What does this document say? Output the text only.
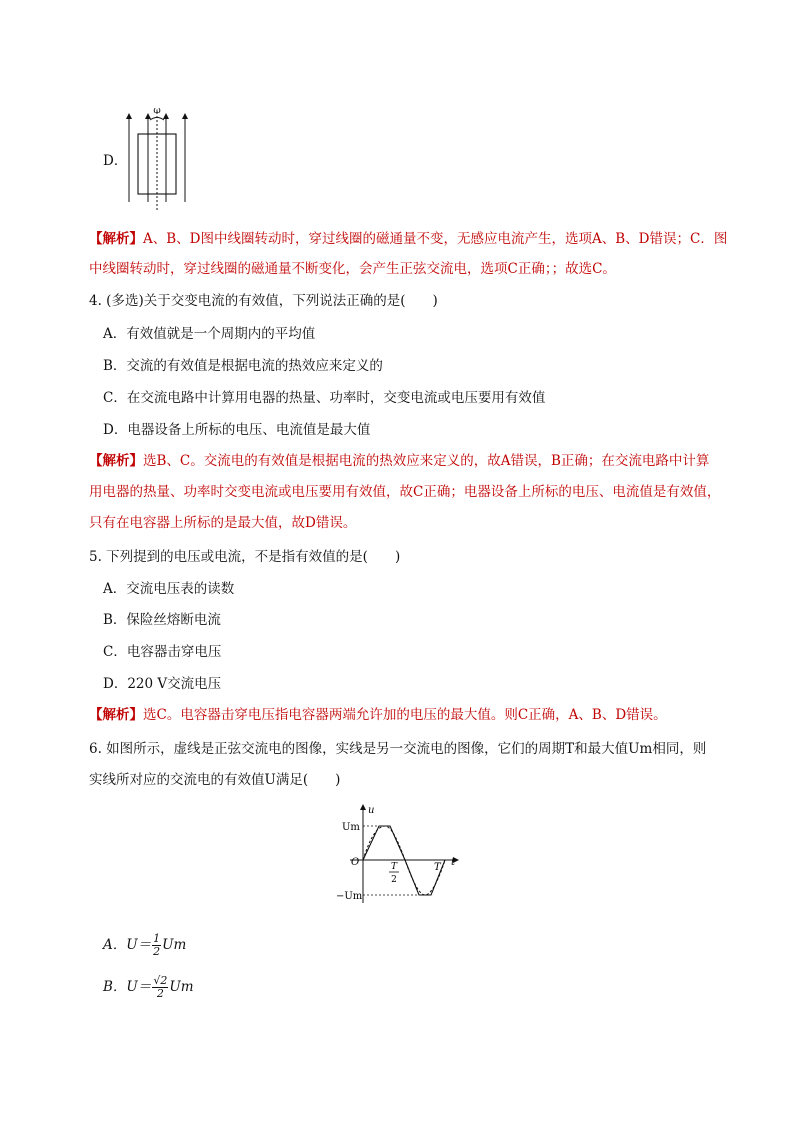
D．
ω
【解析】A、B、D图中线圈转动时，穿过线圈的磁通量不变，无感应电流产生，选项A、B、D错误；C．图
中线圈转动时，穿过线圈的磁通量不断变化，会产生正弦交流电，选项C正确；；故选C。
4. (多选)关于交变电流的有效值，下列说法正确的是(　　)
A．有效值就是一个周期内的平均值
B．交流的有效值是根据电流的热效应来定义的
C．在交流电路中计算用电器的热量、功率时，交变电流或电压要用有效值
D．电器设备上所标的电压、电流值是最大值
【解析】选B、C。交流电的有效值是根据电流的热效应来定义的，故A错误，B正确；在交流电路中计算
用电器的热量、功率时交变电流或电压要用有效值，故C正确；电器设备上所标的电压、电流值是有效值，
只有在电容器上所标的是最大值，故D错误。
5. 下列提到的电压或电流，不是指有效值的是(　　)
A．交流电压表的读数
B．保险丝熔断电流
C．电容器击穿电压
D．220 V交流电压
【解析】选C。电容器击穿电压指电容器两端允许加的电压的最大值。则C正确，A、B、D错误。
6. 如图所示，虚线是正弦交流电的图像，实线是另一交流电的图像，它们的周期T和最大值Um相同，则
实线所对应的交流电的有效值U满足(　　)
u
t
O
Um
−Um
T
2
T
A．$U= \frac{1}{2}$ Um
B．$U= \frac{√2}{2}$ Um
